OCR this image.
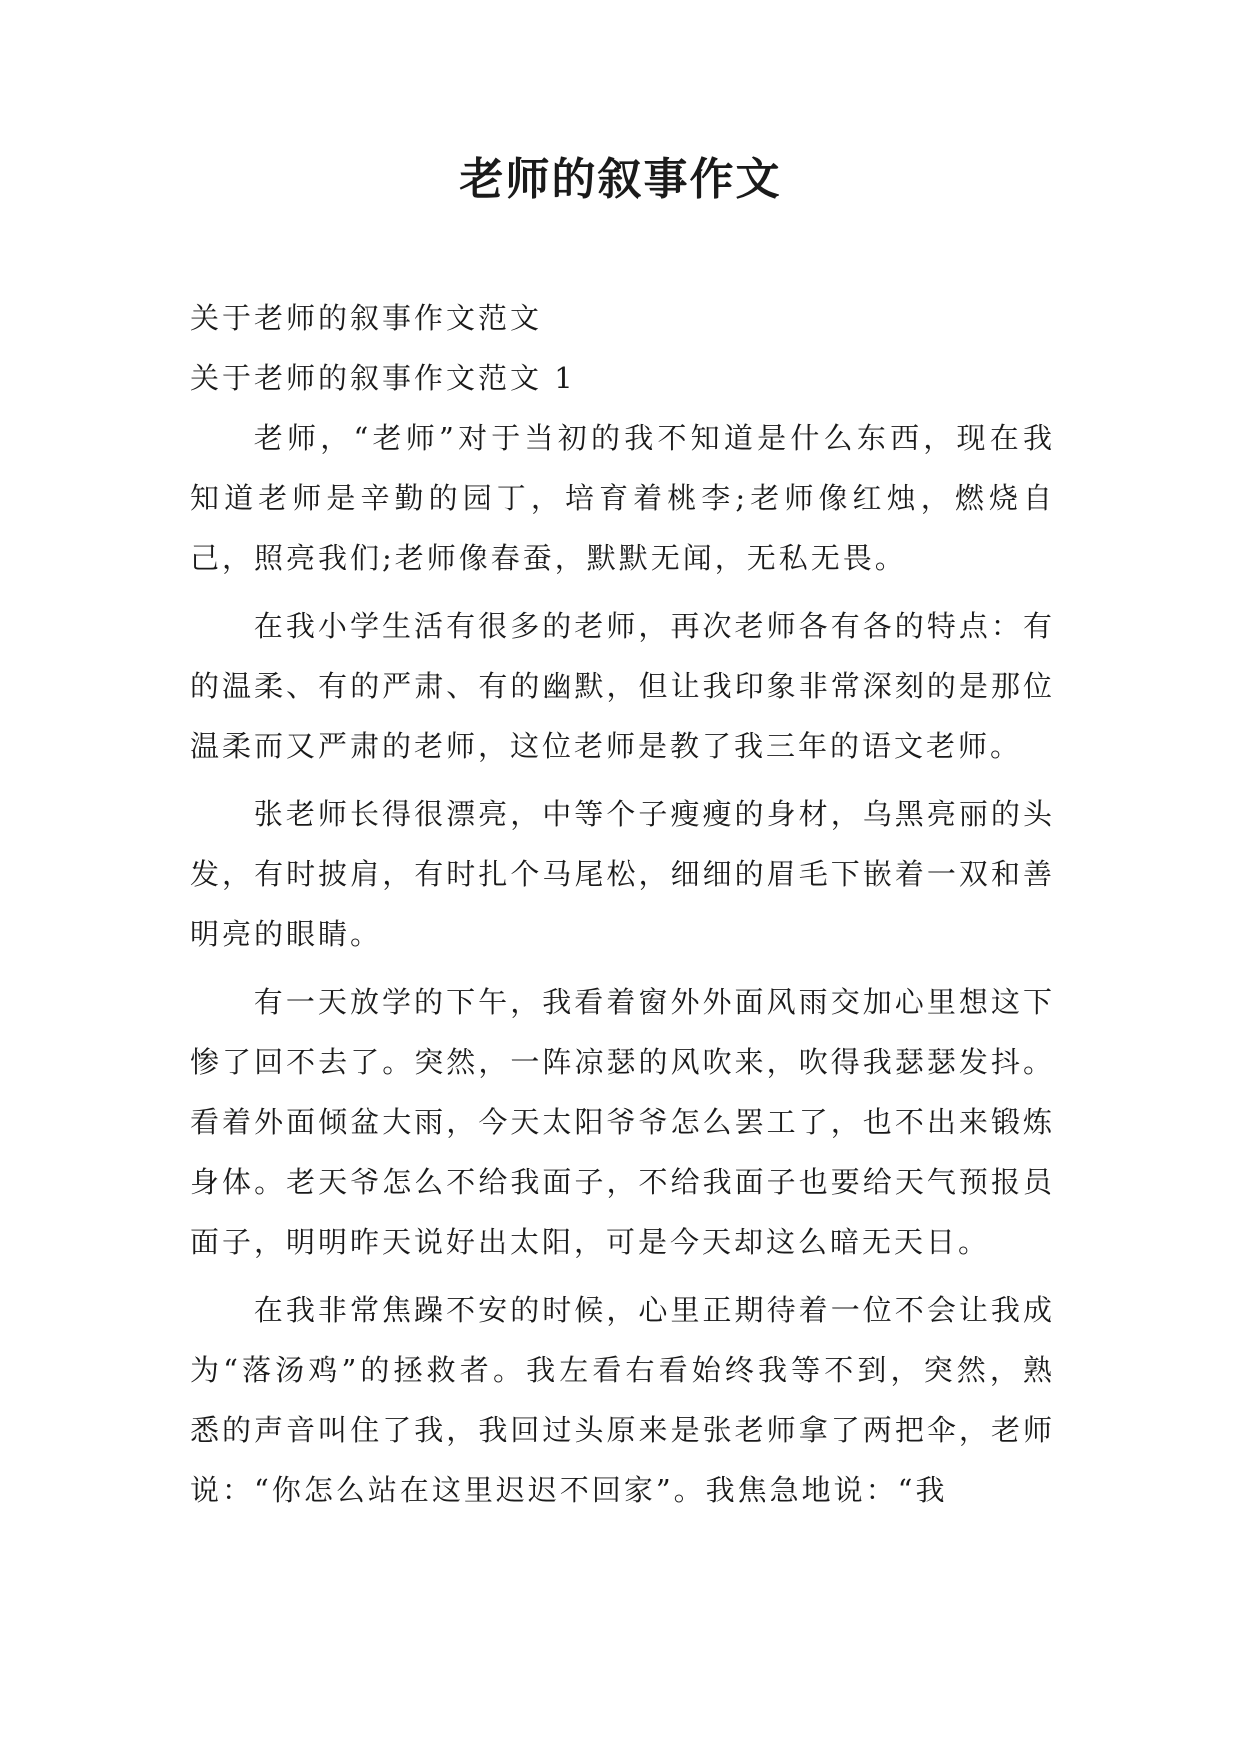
老师的叙事作文

关于老师的叙事作文范文

关于老师的叙事作文范文 1

老师，“老师”对于当初的我不知道是什么东西，现在我知道老师是辛勤的园丁，培育着桃李;老师像红烛，燃烧自己，照亮我们;老师像春蚕，默默无闻，无私无畏。

在我小学生活有很多的老师，再次老师各有各的特点：有的温柔、有的严肃、有的幽默，但让我印象非常深刻的是那位温柔而又严肃的老师，这位老师是教了我三年的语文老师。

张老师长得很漂亮，中等个子瘦瘦的身材，乌黑亮丽的头发，有时披肩，有时扎个马尾松，细细的眉毛下嵌着一双和善明亮的眼睛。

有一天放学的下午，我看着窗外外面风雨交加心里想这下惨了回不去了。突然，一阵凉瑟的风吹来，吹得我瑟瑟发抖。看着外面倾盆大雨，今天太阳爷爷怎么罢工了，也不出来锻炼身体。老天爷怎么不给我面子，不给我面子也要给天气预报员面子，明明昨天说好出太阳，可是今天却这么暗无天日。

在我非常焦躁不安的时候，心里正期待着一位不会让我成为“落汤鸡”的拯救者。我左看右看始终我等不到，突然，熟悉的声音叫住了我，我回过头原来是张老师拿了两把伞，老师说：“你怎么站在这里迟迟不回家”。我焦急地说：“我
